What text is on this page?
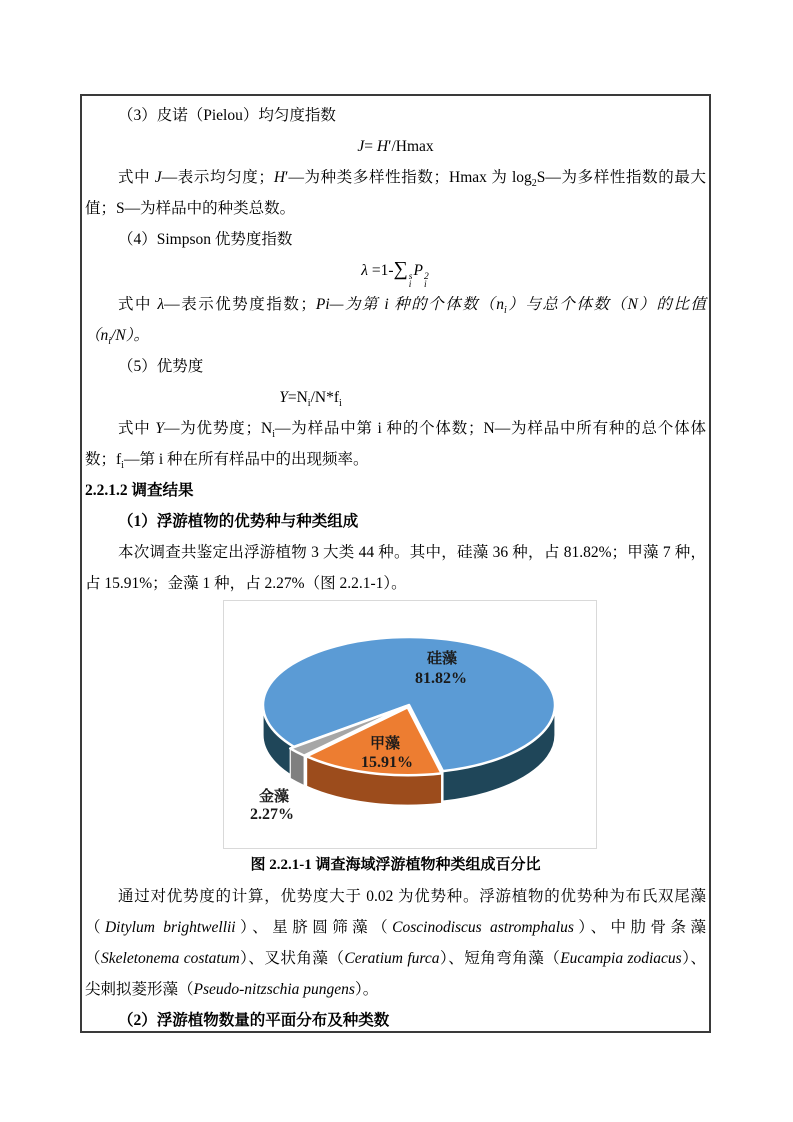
（3）皮诺（Pielou）均匀度指数
J= H′/Hmax
式中 J—表示均匀度；H′—为种类多样性指数；Hmax 为 $\log_2S—$为多样性指数的最大值；S—为样品中的种类总数。
（4）Simpson 优势度指数
λ =1-∑ s
i
P 2
i
式中 λ—表示优势度指数；Pi—为第 i 种的个体数$(n_i)$与总个体数（N）的比值$(n_i/N)$。
（5）优势度
$Y=N_i/N*f_i$
式中 Y—为优势度；$N_i—$为样品中第 i 种的个体数；N—为样品中所有种的总个体体数；$f_i—$第 i 种在所有样品中的出现频率。
2.2.1.2 调查结果
（1）浮游植物的优势种与种类组成
本次调查共鉴定出浮游植物 3 大类 44 种。其中，硅藻 36 种，占 81.82%；甲藻 7 种，占 15.91%；金藻 1 种，占 2.27%（图 2.2.1-1）。
硅藻
81.82%
甲藻
15.91%
金藻
2.27%
图 2.2.1-1 调查海域浮游植物种类组成百分比
通过对优势度的计算，优势度大于 0.02 为优势种。浮游植物的优势种为布氏双尾藻（Ditylum brightwellii）、星脐圆筛藻（Coscinodiscus astromphalus）、中肋骨条藻（Skeletonema costatum）、叉状角藻（Ceratium furca）、短角弯角藻（Eucampia zodiacus）、尖刺拟菱形藻（Pseudo-nitzschia pungens）。
（2）浮游植物数量的平面分布及种类数
